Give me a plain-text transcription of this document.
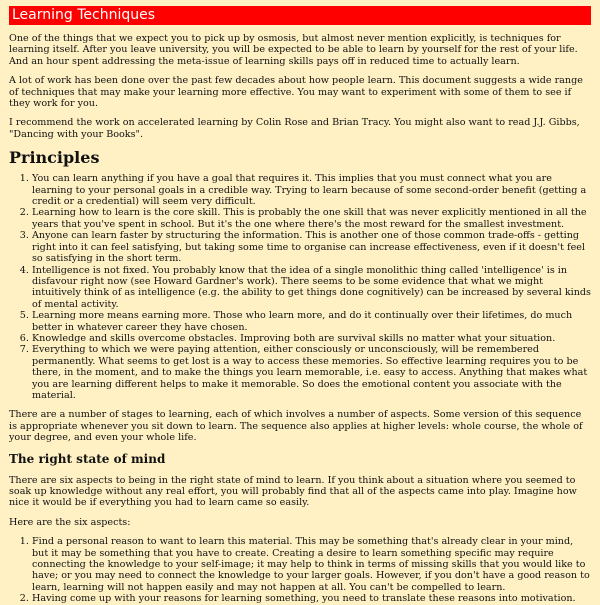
Learning Techniques

One of the things that we expect you to pick up by osmosis, but almost never mention explicitly, is techniques for learning itself. After you leave university, you will be expected to be able to learn by yourself for the rest of your life. And an hour spent addressing the meta-issue of learning skills pays off in reduced time to actually learn.

A lot of work has been done over the past few decades about how people learn. This document suggests a wide range of techniques that may make your learning more effective. You may want to experiment with some of them to see if they work for you.

I recommend the work on accelerated learning by Colin Rose and Brian Tracy. You might also want to read J.J. Gibbs, "Dancing with your Books".

Principles
1. You can learn anything if you have a goal that requires it. This implies that you must connect what you are learning to your personal goals in a credible way. Trying to learn because of some second-order benefit (getting a credit or a credential) will seem very difficult.
2. Learning how to learn is the core skill. This is probably the one skill that was never explicitly mentioned in all the years that you've spent in school. But it's the one where there's the most reward for the smallest investment.
3. Anyone can learn faster by structuring the information. This is another one of those common trade-offs - getting right into it can feel satisfying, but taking some time to organise can increase effectiveness, even if it doesn't feel so satisfying in the short term.
4. Intelligence is not fixed. You probably know that the idea of a single monolithic thing called 'intelligence' is in disfavour right now (see Howard Gardner's work). There seems to be some evidence that what we might intuitively think of as intelligence (e.g. the ability to get things done cognitively) can be increased by several kinds of mental activity.
5. Learning more means earning more. Those who learn more, and do it continually over their lifetimes, do much better in whatever career they have chosen.
6. Knowledge and skills overcome obstacles. Improving both are survival skills no matter what your situation.
7. Everything to which we were paying attention, either consciously or unconsciously, will be remembered permanently. What seems to get lost is a way to access these memories. So effective learning requires you to be there, in the moment, and to make the things you learn memorable, i.e. easy to access. Anything that makes what you are learning different helps to make it memorable. So does the emotional content you associate with the material.

There are a number of stages to learning, each of which involves a number of aspects. Some version of this sequence is appropriate whenever you sit down to learn. The sequence also applies at higher levels: whole course, the whole of your degree, and even your whole life.

The right state of mind

There are six aspects to being in the right state of mind to learn. If you think about a situation where you seemed to soak up knowledge without any real effort, you will probably find that all of the aspects came into play. Imagine how nice it would be if everything you had to learn came so easily.

Here are the six aspects:

1. Find a personal reason to want to learn this material. This may be something that's already clear in your mind, but it may be something that you have to create. Creating a desire to learn something specific may require connecting the knowledge to your self-image; it may help to think in terms of missing skills that you would like to have; or you may need to connect the knowledge to your larger goals. However, if you don't have a good reason to learn, learning will not happen easily and may not happen at all. You can't be compelled to learn.
2. Having come up with your reasons for learning something, you need to translate these reasons into motivation.
